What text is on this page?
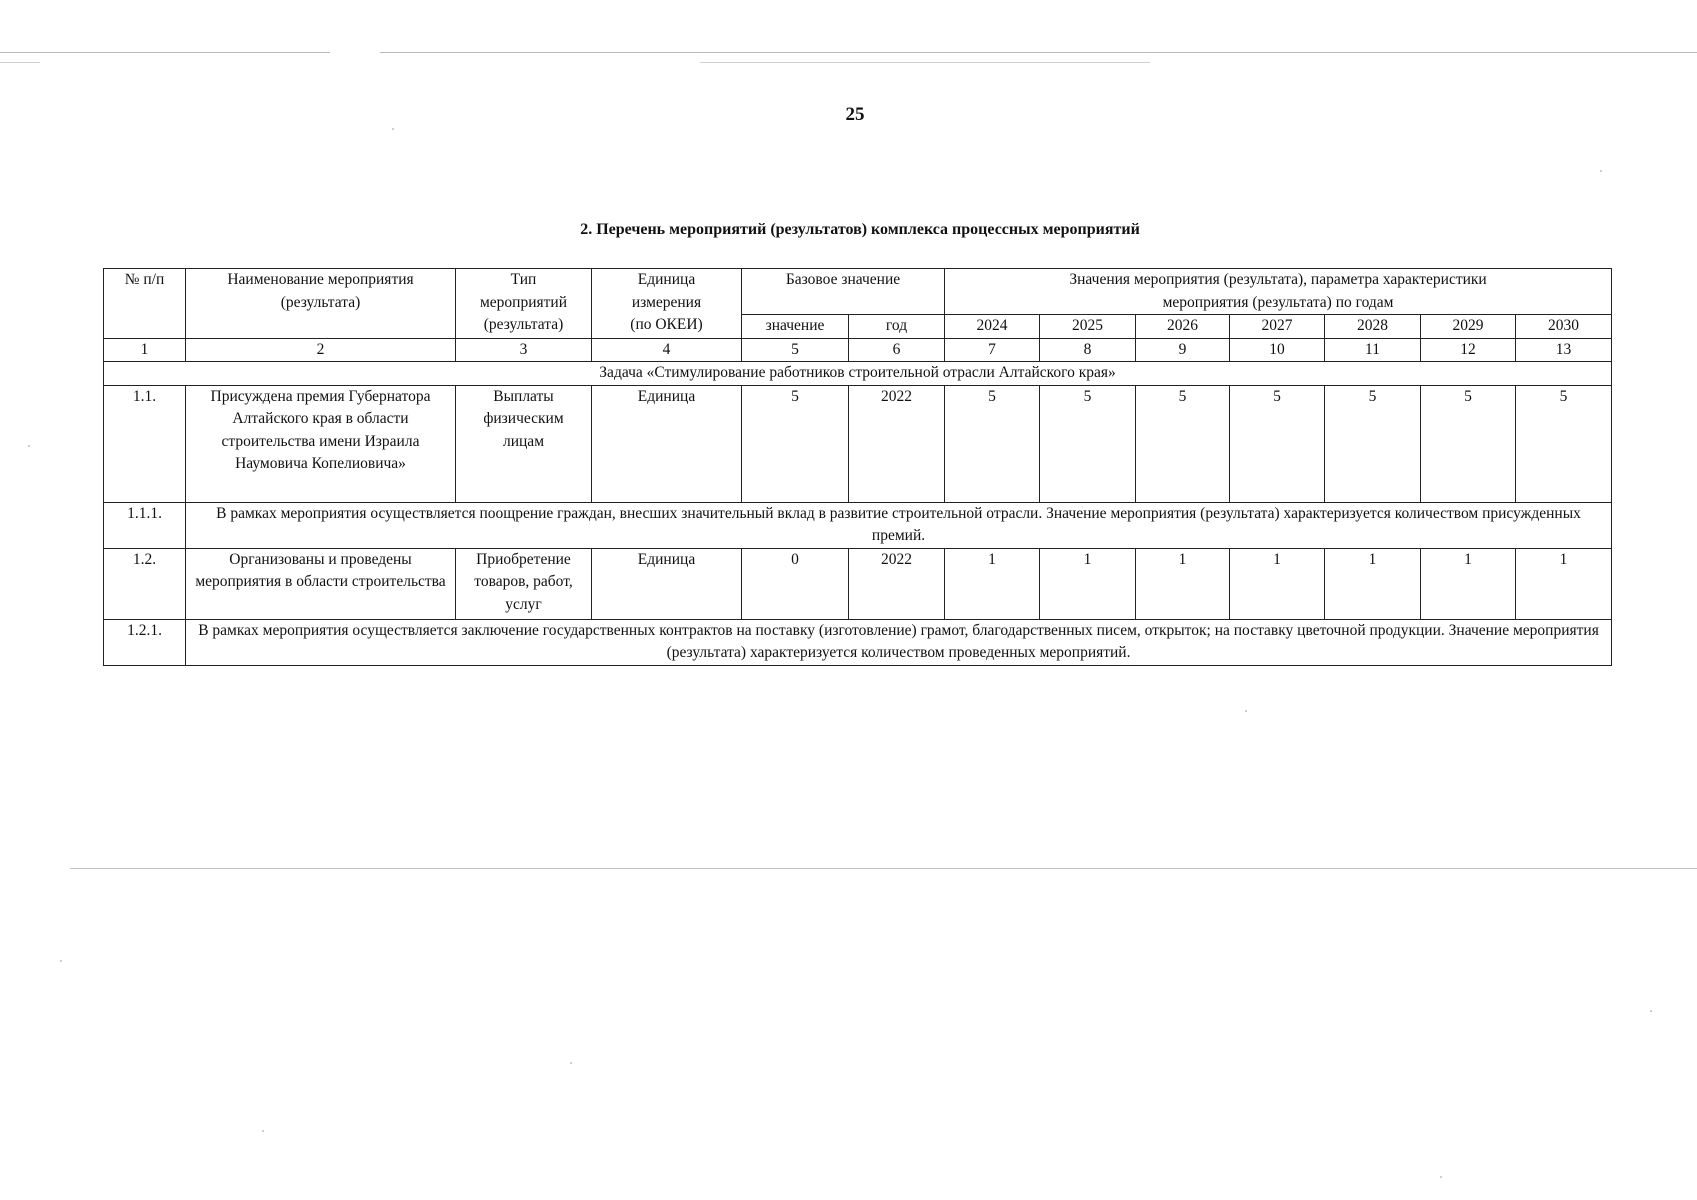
25
2. Перечень мероприятий (результатов) комплекса процессных мероприятий
№ п/п	Наименование мероприятия (результата)	Тип мероприятий (результата)	Единица измерения (по ОКЕИ)	Базовое значение		Значения мероприятия (результата), параметра характеристики мероприятия (результата) по годам						
				значение	год	2024	2025	2026	2027	2028	2029	2030
1	2	3	4	5	6	7	8	9	10	11	12	13
Задача «Стимулирование работников строительной отрасли Алтайского края»												
1.1.	Присуждена премия Губернатора Алтайского края в области строительства имени Израила Наумовича Копелиовича»	Выплаты физическим лицам	Единица	5	2022	5	5	5	5	5	5	5
1.1.1.	В рамках мероприятия осуществляется поощрение граждан, внесших значительный вклад в развитие строительной отрасли. Значение мероприятия (результата) характеризуется количеством присужденных премий.											
1.2.	Организованы и проведены мероприятия в области строительства	Приобретение товаров, работ, услуг	Единица	0	2022	1	1	1	1	1	1	1
1.2.1.	В рамках мероприятия осуществляется заключение государственных контрактов на поставку (изготовление) грамот, благодарственных писем, открыток; на поставку цветочной продукции. Значение мероприятия (результата) характеризуется количеством проведенных мероприятий.											
